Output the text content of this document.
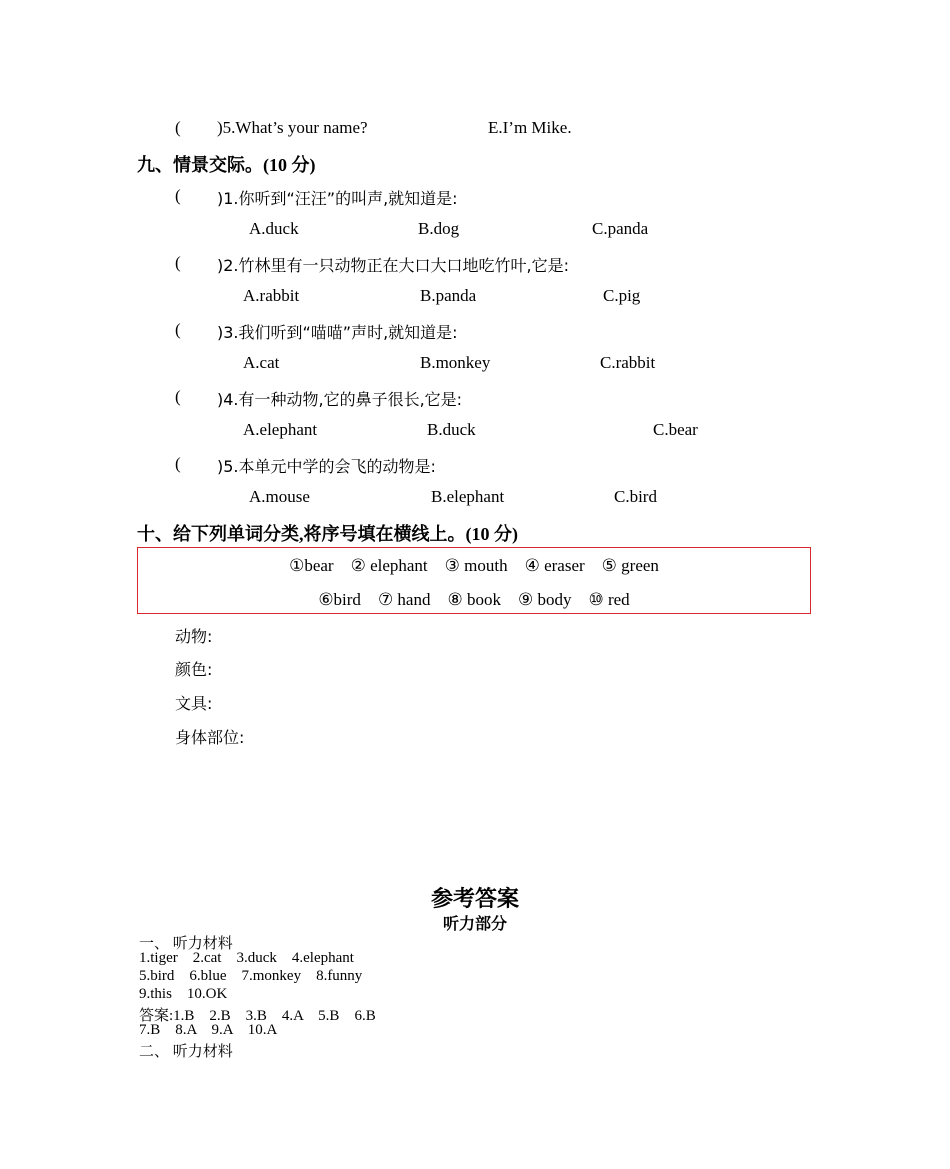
( )5.What’s your name?	E.I’m Mike.
九、情景交际。(10 分)
( )1.你听到“汪汪”的叫声,就知道是:
A.duck	B.dog	C.panda
( )2.竹林里有一只动物正在大口大口地吃竹叶,它是:
A.rabbit	B.panda	C.pig
( )3.我们听到“喵喵”声时,就知道是:
A.cat	B.monkey	C.rabbit
( )4.有一种动物,它的鼻子很长,它是:
A.elephant	B.duck	C.bear
( )5.本单元中学的会飞的动物是:
A.mouse	B.elephant	C.bird
十、给下列单词分类,将序号填在横线上。(10 分)
①bear ② elephant ③ mouth ④ eraser ⑤ green
⑥bird ⑦ hand ⑧ book ⑨ body ⑩ red
动物:
颜色:
文具:
身体部位:
参考答案
听力部分
一、 听力材料
1.tiger    2.cat    3.duck    4.elephant
5.bird    6.blue    7.monkey    8.funny
9.this    10.OK
答案:1.B    2.B    3.B    4.A    5.B    6.B
7.B    8.A    9.A    10.A
二、 听力材料
